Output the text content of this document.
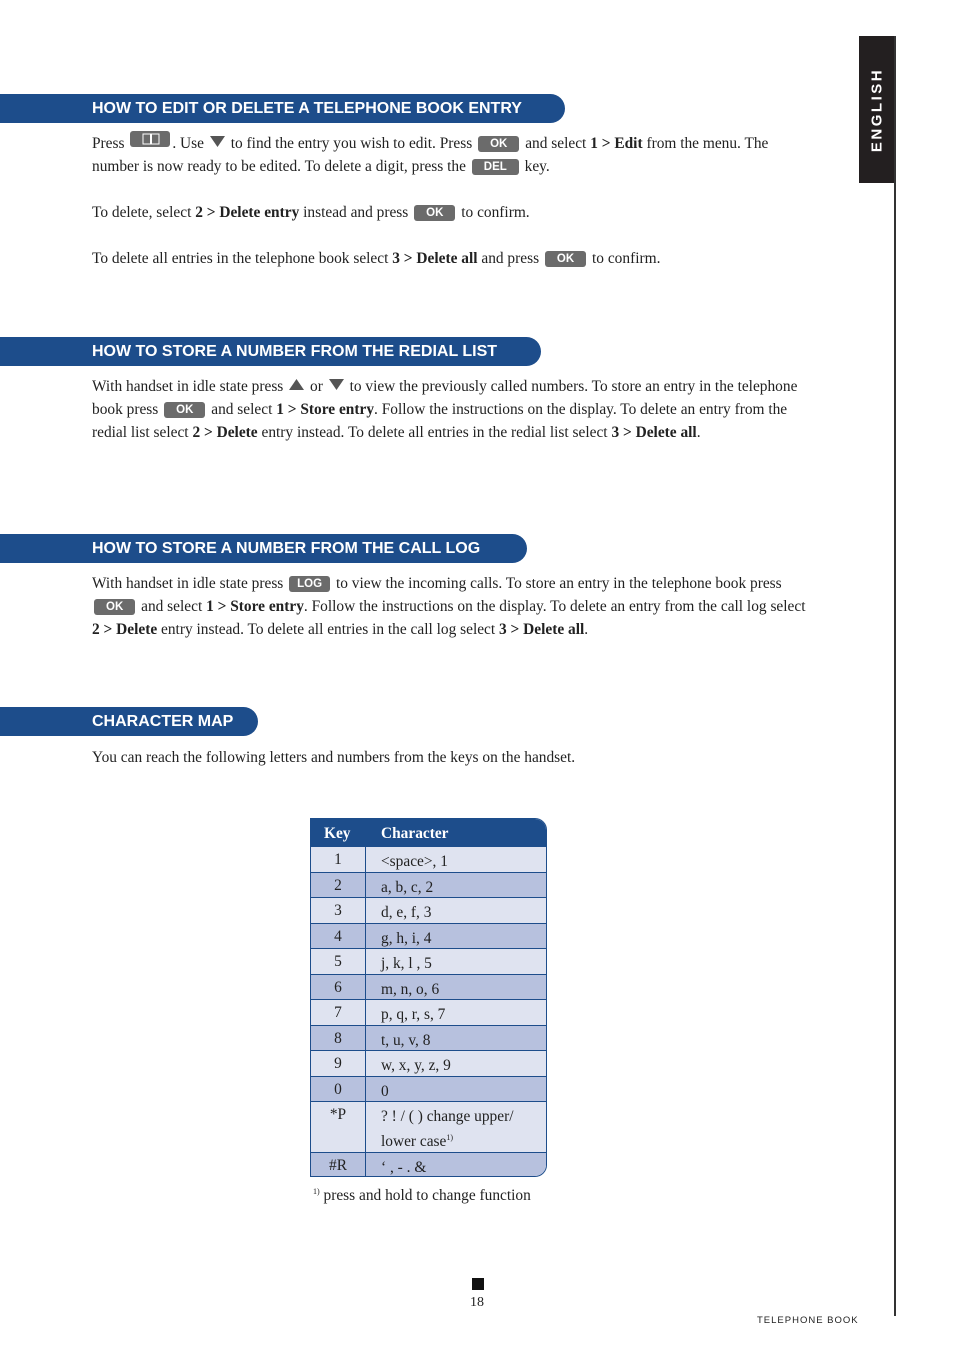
ENGLISH
HOW TO EDIT OR DELETE A TELEPHONE BOOK ENTRY

Press	. Use to find the entry you wish to edit. Press OK and select 1 > Edit from the menu. The number is now ready to be edited. To delete a digit, press the DEL key.

To delete, select 2 > Delete entry instead and press OK to confirm.

To delete all entries in the telephone book select 3 > Delete all and press OK to confirm.

HOW TO STORE A NUMBER FROM THE REDIAL LIST

With handset in idle state press or to view the previously called numbers. To store an entry in the telephone book press OK and select 1 > Store entry. Follow the instructions on the display. To delete an entry from the redial list select 2 > Delete entry instead. To delete all entries in the redial list select 3 > Delete all.

HOW TO STORE A NUMBER FROM THE CALL LOG

With handset in idle state press LOG to view the incoming calls. To store an entry in the telephone book press OK and select 1 > Store entry. Follow the instructions on the display. To delete an entry from the call log select 2 > Delete entry instead. To delete all entries in the call log select 3 > Delete all.

CHARACTER MAP

You can reach the following letters and numbers from the keys on the handset.

Key Character
1	<space>, 1
2	a, b, c, 2
3	d, e, f, 3
4	g, h, i, 4
5	j, k, l , 5
6	m, n, o, 6
7	p, q, r, s, 7
8	t, u, v, 8
9	w, x, y, z, 9
0	0
*P	? ! / ( ) change upper/ lower case$^{1)}$
#R	‘ , - . &
$^{1)}$ press and hold to change function
18
TELEPHONE BOOK
